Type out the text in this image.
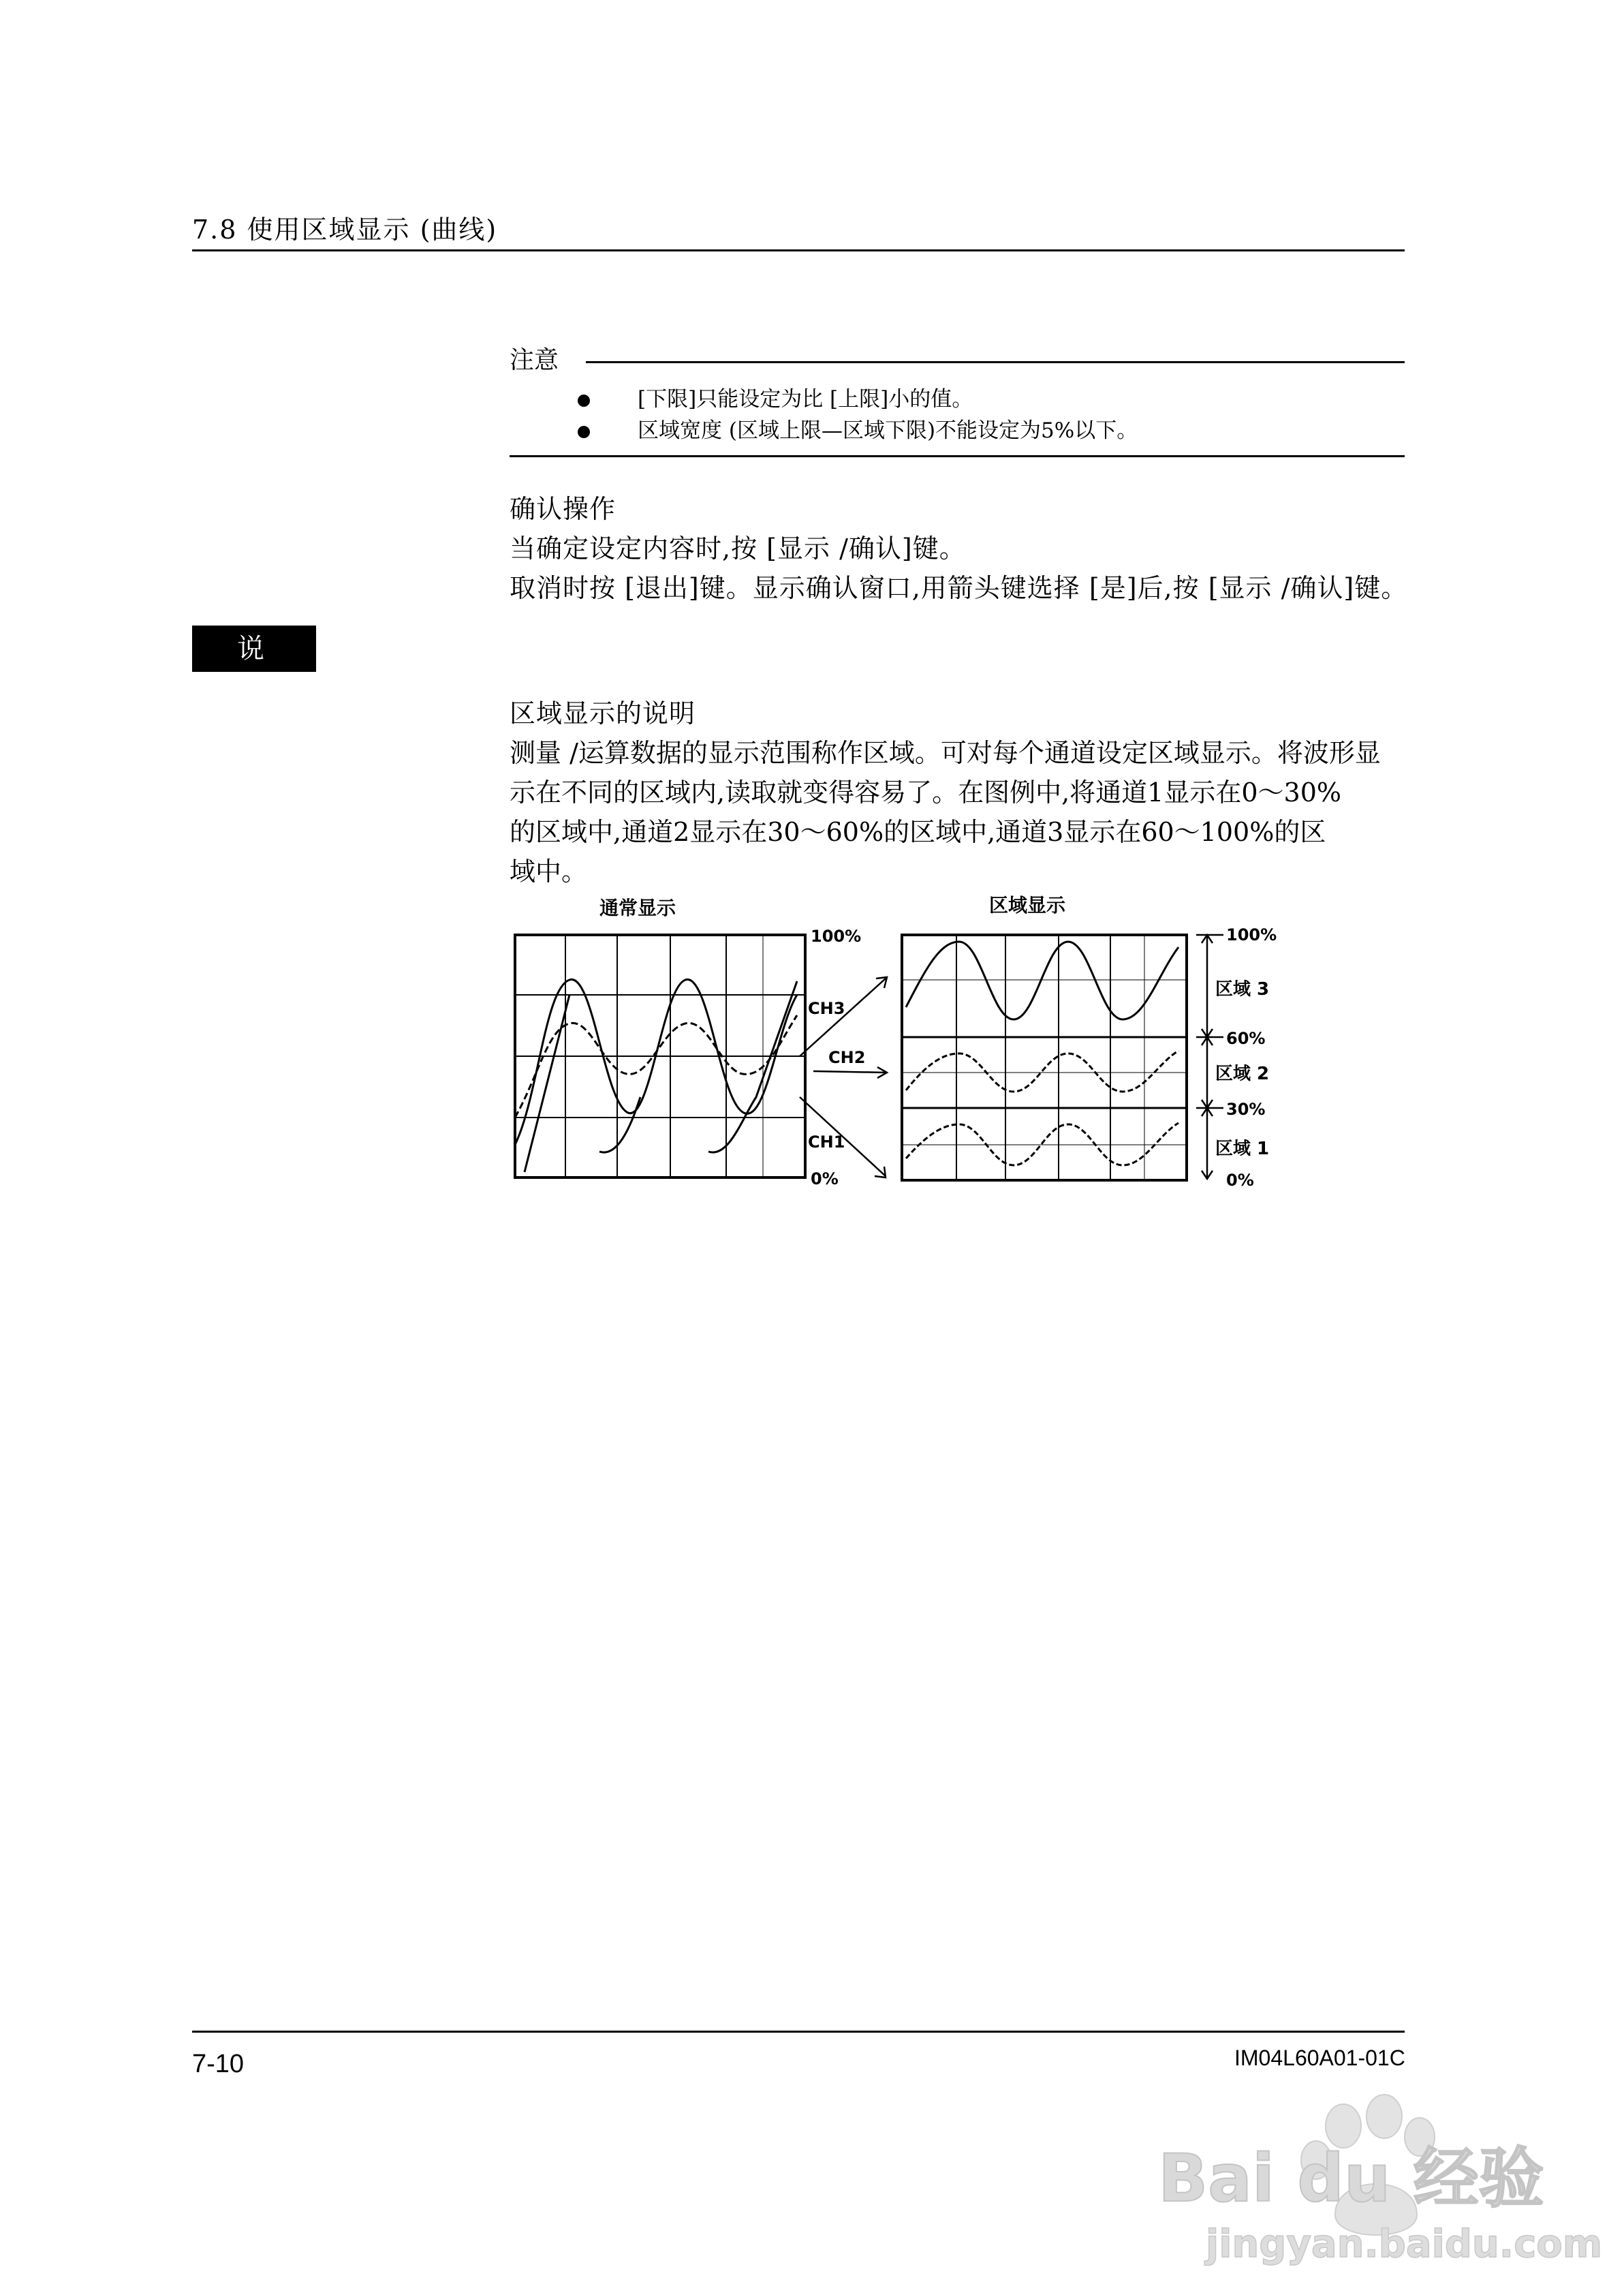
7.8 使用区域显示 (曲线)
注意
[下限]只能设定为比 [上限]小的值。
区域宽度 (区域上限—区域下限)不能设定为5%以下。
确认操作
当确定设定内容时,按 [显示 /确认]键。
取消时按 [退出]键。显示确认窗口,用箭头键选择 [是]后,按 [显示 /确认]键。
说 明
区域显示的说明
测量 /运算数据的显示范围称作区域。可对每个通道设定区域显示。将波形显
示在不同的区域内,读取就变得容易了。在图例中,将通道1显示在0～30%
的区域中,通道2显示在30～60%的区域中,通道3显示在60～100%的区
域中。
通常显示	区域显示
100%
0%
CH3
CH2
CH1
100%
60%
30%
0%
区域 3
区域 2
区域 1
7-10	IM04L60A01-01C
Bai du 经验
jingyan.baidu.com
